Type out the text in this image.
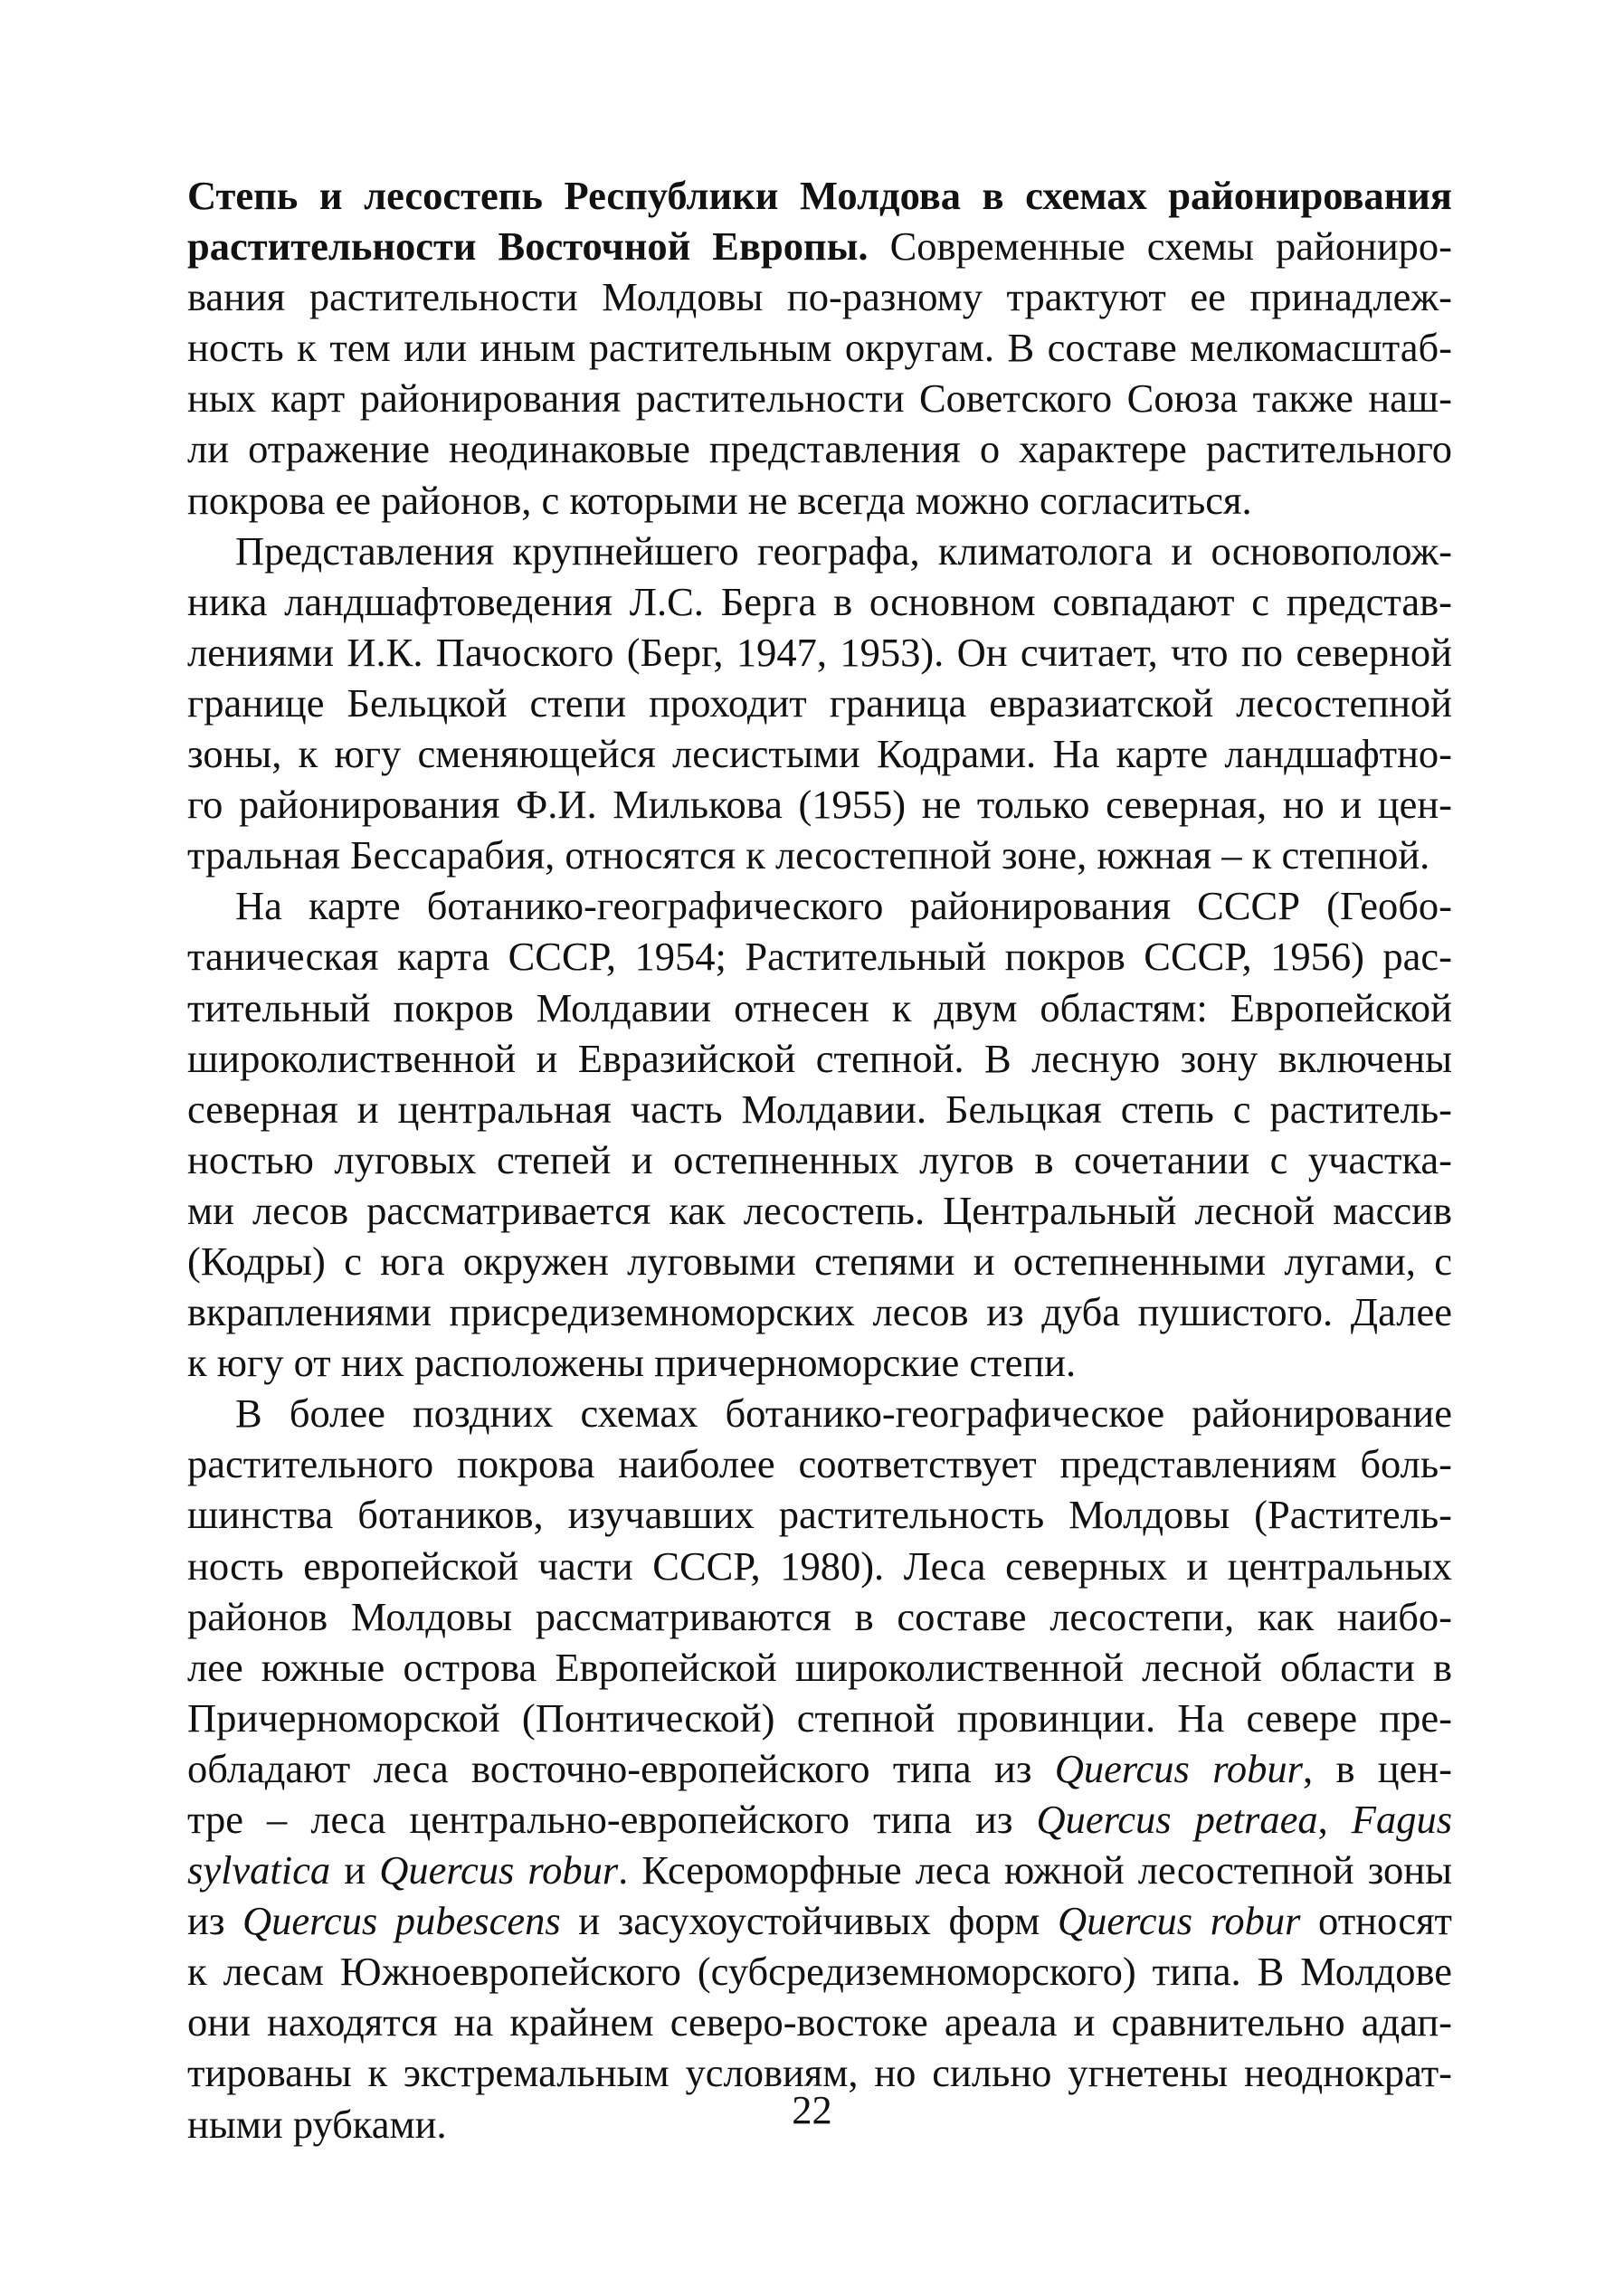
Степь и лесостепь Республики Молдова в схемах районирования
растительности Восточной Европы. Современные схемы райониро-
вания растительности Молдовы по-разному трактуют ее принадлеж-
ность к тем или иным растительным округам. В составе мелкомасштаб-
ных карт районирования растительности Советского Союза также наш-
ли отражение неодинаковые представления о характере растительного
покрова ее районов, с которыми не всегда можно согласиться.
Представления крупнейшего географа, климатолога и основополож-
ника ландшафтоведения Л.С. Берга в основном совпадают с представ-
лениями И.К. Пачоского (Берг, 1947, 1953). Он считает, что по северной
границе Бельцкой степи проходит граница евразиатской лесостепной
зоны, к югу сменяющейся лесистыми Кодрами. На карте ландшафтно-
го районирования Ф.И. Милькова (1955) не только северная, но и цен-
тральная Бессарабия, относятся к лесостепной зоне, южная – к степной.
На карте ботанико-географического районирования СССР (Геобо-
таническая карта СССР, 1954; Растительный покров СССР, 1956) рас-
тительный покров Молдавии отнесен к двум областям: Европейской
широколиственной и Евразийской степной. В лесную зону включены
северная и центральная часть Молдавии. Бельцкая степь с раститель-
ностью луговых степей и остепненных лугов в сочетании с участка-
ми лесов рассматривается как лесостепь. Центральный лесной массив
(Кодры) с юга окружен луговыми степями и остепненными лугами, с
вкраплениями присредиземноморских лесов из дуба пушистого. Далее
к югу от них расположены причерноморские степи.
В более поздних схемах ботанико-географическое районирование
растительного покрова наиболее соответствует представлениям боль-
шинства ботаников, изучавших растительность Молдовы (Раститель-
ность европейской части СССР, 1980). Леса северных и центральных
районов Молдовы рассматриваются в составе лесостепи, как наибо-
лее южные острова Европейской широколиственной лесной области в
Причерноморской (Понтической) степной провинции. На севере пре-
обладают леса восточно-европейского типа из Quercus robur, в цен-
тре – леса центрально-европейского типа из Quercus petraea, Fagus
sylvatica и Quercus robur. Ксероморфные леса южной лесостепной зоны
из Quercus pubescens и засухоустойчивых форм Quercus robur относят
к лесам Южноевропейского (субсредиземноморского) типа. В Молдове
они находятся на крайнем северо-востоке ареала и сравнительно адап-
тированы к экстремальным условиям, но сильно угнетены неоднократ-
ными рубками.	22
